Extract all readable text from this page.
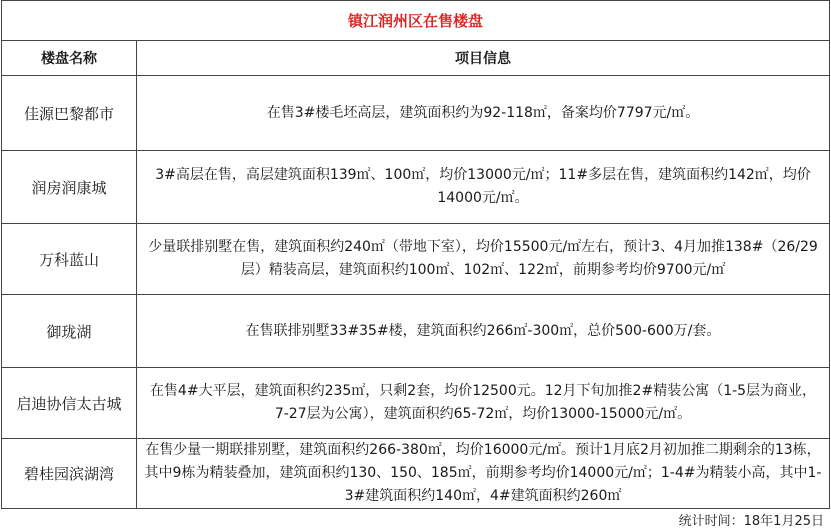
镇江润州区在售楼盘	
楼盘名称	项目信息
佳源巴黎都市	在售3#楼毛坯高层，建筑面积约为92-118㎡，备案均价7797元/㎡。
润房润康城	3#高层在售，高层建筑面积139㎡、100㎡，均价13000元/㎡；11#多层在售，建筑面积约142㎡，均价14000元/㎡。
万科蓝山	少量联排别墅在售，建筑面积约240㎡（带地下室），均价15500元/㎡左右，预计3、4月加推138#（26/29层）精装高层，建筑面积约100㎡、102㎡、122㎡，前期参考均价9700元/㎡
御珑湖	在售联排别墅33#35#楼，建筑面积约266㎡-300㎡，总价500-600万/套。
启迪协信太古城	在售4#大平层，建筑面积约235㎡，只剩2套，均价12500元。12月下旬加推2#精装公寓（1-5层为商业，7-27层为公寓），建筑面积约65-72㎡，均价13000-15000元/㎡。
碧桂园滨湖湾	在售少量一期联排别墅，建筑面积约266-380㎡，均价16000元/㎡。预计1月底2月初加推二期剩余的13栋，其中9栋为精装叠加，建筑面积约130、150、185㎡，前期参考均价14000元/㎡；1-4#为精装小高，其中1-3#建筑面积约140㎡，4#建筑面积约260㎡
统计时间：18年1月25日
